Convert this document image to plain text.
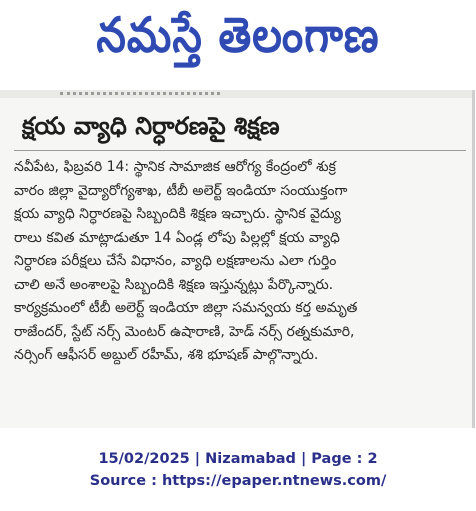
నమస్తే తెలంగాణ
క్షయ వ్యాధి నిర్ధారణపై శిక్షణ
నవీపేట, ఫిబ్రవరి 14: స్థానిక సామాజిక ఆరోగ్య కేంద్రంలో శుక్ర
వారం జిల్లా వైద్యారోగ్యశాఖ, టీబీ అలెర్ట్ ఇండియా సంయుక్తంగా
క్షయ వ్యాధి నిర్ధారణపై సిబ్బందికి శిక్షణ ఇచ్చారు. స్థానిక వైద్యు
రాలు కవిత మాట్లాడుతూ 14 ఏండ్ల లోపు పిల్లల్లో క్షయ వ్యాధి
నిర్ధారణ పరీక్షలు చేసే విధానం, వ్యాధి లక్షణాలను ఎలా గుర్తిం
చాలి అనే అంశాలపై సిబ్బందికి శిక్షణ ఇస్తున్నట్లు పేర్కొన్నారు.
కార్యక్రమంలో టీబీ అలెర్ట్ ఇండియా జిల్లా సమన్వయ కర్త అమృత
రాజేందర్, స్టేట్ నర్స్ మెంటర్ ఉషారాణి, హెడ్ నర్స్ రత్నకుమారి,
నర్సింగ్ ఆఫీసర్ అబ్దుల్ రహీమ్, శశి భూషణ్ పాల్గొన్నారు.
15/02/2025 | Nizamabad | Page : 2
Source : https://epaper.ntnews.com/
